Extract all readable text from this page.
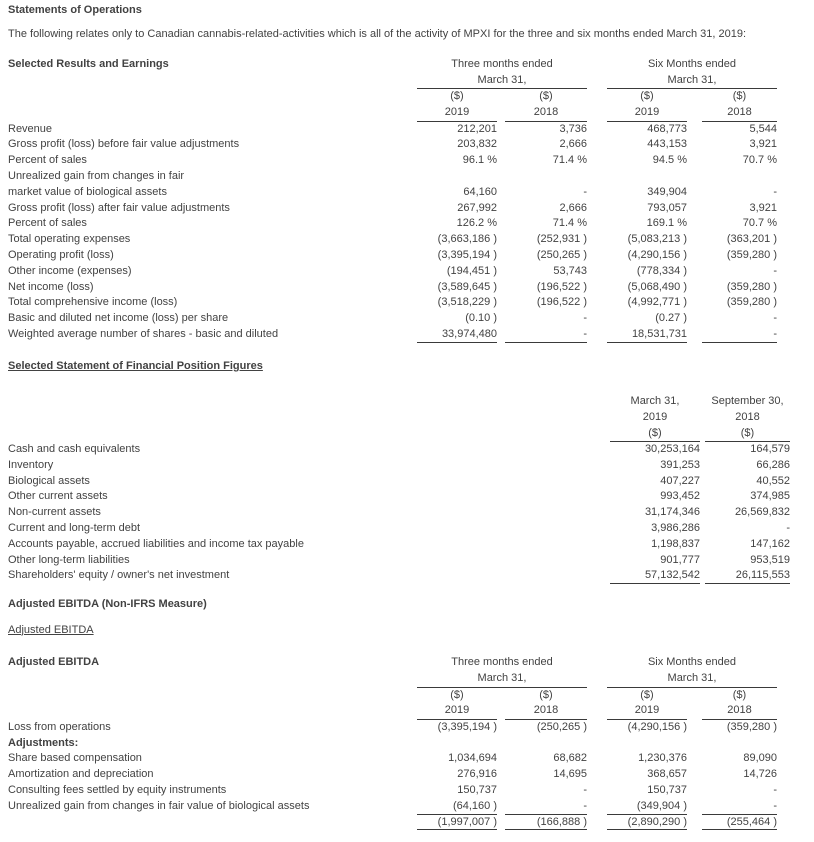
Statements of Operations
The following relates only to Canadian cannabis-related-activities which is all of the activity of MPXI for the three and six months ended March 31, 2019:
Selected Results and Earnings	Three months ended	Six Months ended
March 31,	March 31,
($)	($)	($)	($)
2019	2018	2019	2018
Revenue	212,201	3,736	468,773	5,544
Gross profit (loss) before fair value adjustments	203,832	2,666	443,153	3,921
Percent of sales	96.1 %	71.4 %	94.5 %	70.7 %
Unrealized gain from changes in fair
market value of biological assets	64,160	-	349,904	-
Gross profit (loss) after fair value adjustments	267,992	2,666	793,057	3,921
Percent of sales	126.2 %	71.4 %	169.1 %	70.7 %
Total operating expenses	(3,663,186 )	(252,931 )	(5,083,213 )	(363,201 )
Operating profit (loss)	(3,395,194 )	(250,265 )	(4,290,156 )	(359,280 )
Other income (expenses)	(194,451 )	53,743	(778,334 )	-
Net income (loss)	(3,589,645 )	(196,522 )	(5,068,490 )	(359,280 )
Total comprehensive income (loss)	(3,518,229 )	(196,522 )	(4,992,771 )	(359,280 )
Basic and diluted net income (loss) per share	(0.10 )	-	(0.27 )	-
Weighted average number of shares - basic and diluted	33,974,480	-	18,531,731	-
Selected Statement of Financial Position Figures
March 31,	September 30,
2019	2018
($)	($)
Cash and cash equivalents	30,253,164	164,579
Inventory	391,253	66,286
Biological assets	407,227	40,552
Other current assets	993,452	374,985
Non-current assets	31,174,346	26,569,832
Current and long-term debt	3,986,286	-
Accounts payable, accrued liabilities and income tax payable	1,198,837	147,162
Other long-term liabilities	901,777	953,519
Shareholders' equity / owner's net investment	57,132,542	26,115,553
Adjusted EBITDA (Non-IFRS Measure)
Adjusted EBITDA
Adjusted EBITDA	Three months ended	Six Months ended
March 31,	March 31,
($)	($)	($)	($)
2019	2018	2019	2018
Loss from operations	(3,395,194 )	(250,265 )	(4,290,156 )	(359,280 )
Adjustments:
Share based compensation	1,034,694	68,682	1,230,376	89,090
Amortization and depreciation	276,916	14,695	368,657	14,726
Consulting fees settled by equity instruments	150,737	-	150,737	-
Unrealized gain from changes in fair value of biological assets	(64,160 )	-	(349,904 )	-
(1,997,007 )	(166,888 )	(2,890,290 )	(255,464 )
